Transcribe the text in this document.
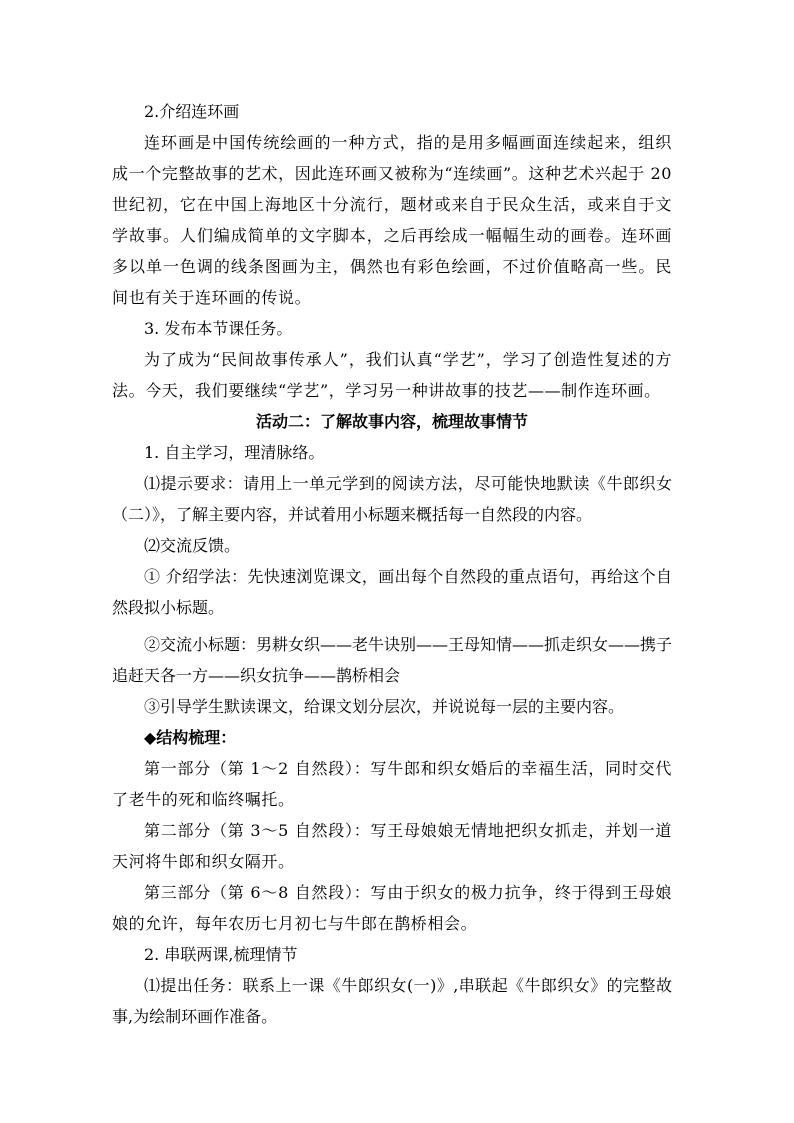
2.介绍连环画

连环画是中国传统绘画的一种方式，指的是用多幅画面连续起来，组织成一个完整故事的艺术，因此连环画又被称为“连续画”。这种艺术兴起于 20 世纪初，它在中国上海地区十分流行，题材或来自于民众生活，或来自于文学故事。人们编成简单的文字脚本，之后再绘成一幅幅生动的画卷。连环画多以单一色调的线条图画为主，偶然也有彩色绘画，不过价值略高一些。民间也有关于连环画的传说。

3. 发布本节课任务。

为了成为“民间故事传承人”，我们认真“学艺”，学习了创造性复述的方法。今天，我们要继续“学艺”，学习另一种讲故事的技艺——制作连环画。

活动二：了解故事内容，梳理故事情节

1. 自主学习，理清脉络。

⑴提示要求：请用上一单元学到的阅读方法，尽可能快地默读《牛郎织女（二）》，了解主要内容，并试着用小标题来概括每一自然段的内容。

⑵交流反馈。

① 介绍学法：先快速浏览课文，画出每个自然段的重点语句，再给这个自然段拟小标题。

②交流小标题：男耕女织——老牛诀别——王母知情——抓走织女——携子追赶天各一方——织女抗争——鹊桥相会

③引导学生默读课文，给课文划分层次，并说说每一层的主要内容。

◆结构梳理：

第一部分（第 1～2 自然段）：写牛郎和织女婚后的幸福生活，同时交代了老牛的死和临终嘱托。

第二部分（第 3～5 自然段）：写王母娘娘无情地把织女抓走，并划一道天河将牛郎和织女隔开。

第三部分（第 6～8 自然段）：写由于织女的极力抗争，终于得到王母娘娘的允许，每年农历七月初七与牛郎在鹊桥相会。

2. 串联两课,梳理情节

⑴提出任务：联系上一课《牛郎织女(一)》,串联起《牛郎织女》的完整故事,为绘制环画作准备。
